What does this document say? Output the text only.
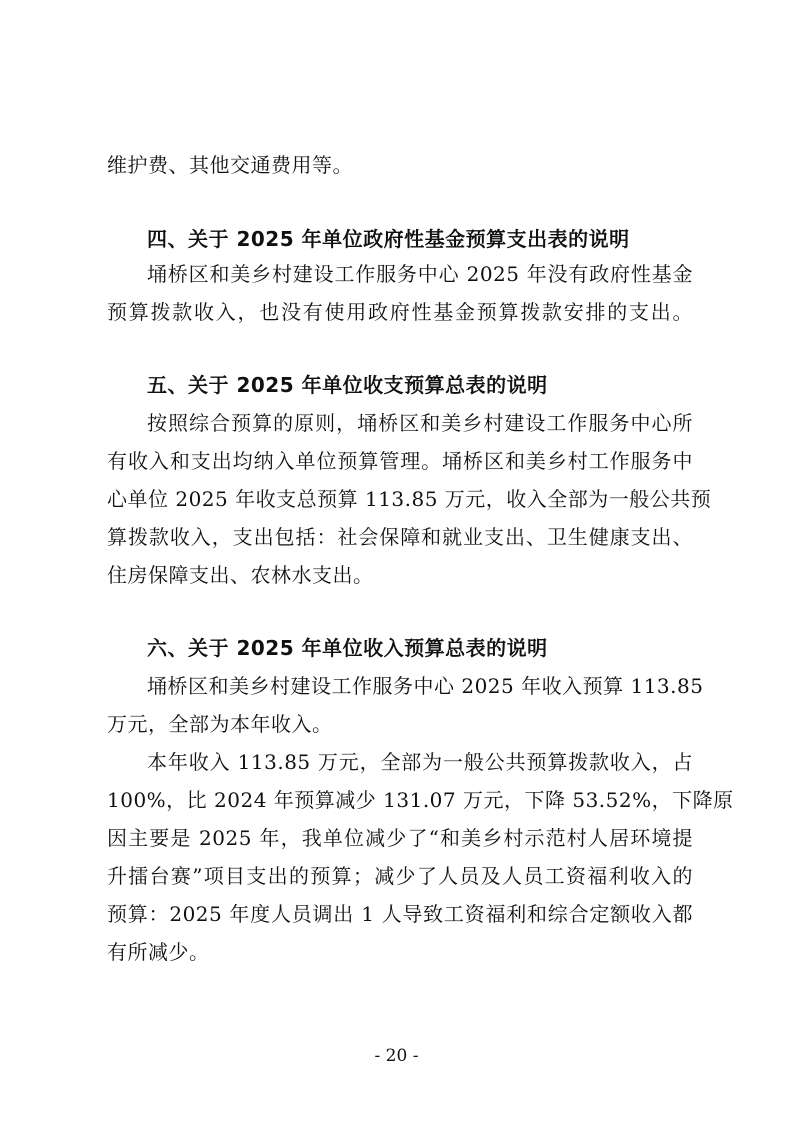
维护费、其他交通费用等。
四、关于 2025 年单位政府性基金预算支出表的说明
埇桥区和美乡村建设工作服务中心 2025 年没有政府性基金
预算拨款收入，也没有使用政府性基金预算拨款安排的支出。
五、关于 2025 年单位收支预算总表的说明
按照综合预算的原则，埇桥区和美乡村建设工作服务中心所
有收入和支出均纳入单位预算管理。埇桥区和美乡村工作服务中
心单位 2025 年收支总预算 113.85 万元，收入全部为一般公共预
算拨款收入，支出包括：社会保障和就业支出、卫生健康支出、
住房保障支出、农林水支出。
六、关于 2025 年单位收入预算总表的说明
埇桥区和美乡村建设工作服务中心 2025 年收入预算 113.85
万元，全部为本年收入。
本年收入 113.85 万元，全部为一般公共预算拨款收入，占
100%，比 2024 年预算减少 131.07 万元，下降 53.52%，下降原
因主要是 2025 年，我单位减少了“和美乡村示范村人居环境提
升擂台赛”项目支出的预算；减少了人员及人员工资福利收入的
预算：2025 年度人员调出 1 人导致工资福利和综合定额收入都
有所减少。
- 20 -
